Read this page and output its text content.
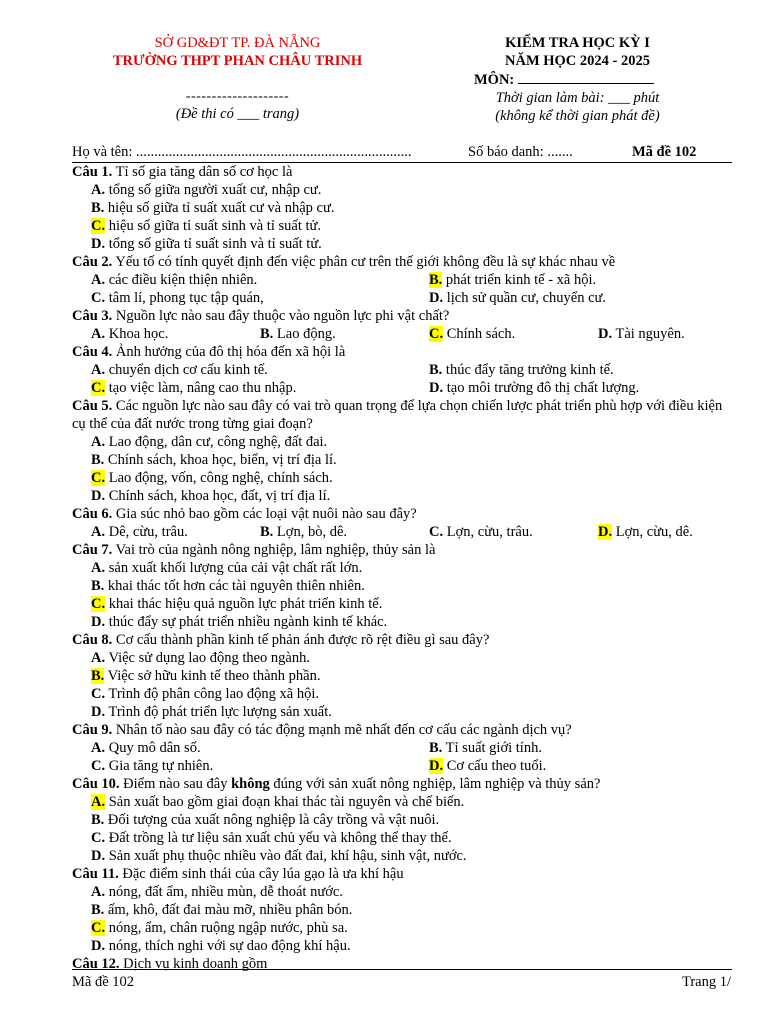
SỞ GD&ĐT TP. ĐÀ NẴNG
TRƯỜNG THPT PHAN CHÂU TRINH
--------------------
(Đề thi có ___ trang)
KIẾM TRA HỌC KỲ I
NĂM HỌC 2024 - 2025
MÔN:
Thời gian làm bài: ___ phút
(không kể thời gian phát đề)
Họ và tên: ............................................................................	Số báo danh: .......	Mã đề 102
Câu 1. Tỉ số gia tăng dân số cơ học là
A. tổng số giữa người xuất cư, nhập cư.
B. hiệu số giữa tỉ suất xuất cư và nhập cư.
C. hiệu số giữa tỉ suất sinh và tỉ suất tử.
D. tổng số giữa tỉ suất sinh và tỉ suất tử.
Câu 2. Yếu tố có tính quyết định đến việc phân cư trên thế giới không đều là sự khác nhau về
A. các điều kiện thiện nhiên.	B. phát triển kinh tế - xã hội.
C. tâm lí, phong tục tập quán,	D. lịch sử quần cư, chuyển cư.
Câu 3. Nguồn lực nào sau đây thuộc vào nguồn lực phi vật chất?
A. Khoa học.	B. Lao động.	C. Chính sách.	D. Tài nguyên.
Câu 4. Ảnh hưởng của đô thị hóa đến xã hội là
A. chuyển dịch cơ cấu kinh tế.	B. thúc đẩy tăng trưởng kinh tế.
C. tạo việc làm, nâng cao thu nhập.	D. tạo môi trường đô thị chất lượng.
Câu 5. Các nguồn lực nào sau đây có vai trò quan trọng để lựa chọn chiến lược phát triển phù hợp với điều kiện cụ thể của đất nước trong từng giai đoạn?
A. Lao động, dân cư, công nghệ, đất đai.
B. Chính sách, khoa học, biển, vị trí địa lí.
C. Lao động, vốn, công nghệ, chính sách.
D. Chính sách, khoa học, đất, vị trí địa lí.
Câu 6. Gia súc nhỏ bao gồm các loại vật nuôi nào sau đây?
A. Dê, cừu, trâu.	B. Lợn, bò, dê.	C. Lợn, cừu, trâu.	D. Lợn, cừu, dê.
Câu 7. Vai trò của ngành nông nghiệp, lâm nghiệp, thủy sản là
A. sản xuất khối lượng của cải vật chất rất lớn.
B. khai thác tốt hơn các tài nguyên thiên nhiên.
C. khai thác hiệu quả nguồn lực phát triển kinh tế.
D. thúc đẩy sự phát triển nhiều ngành kinh tế khác.
Câu 8. Cơ cấu thành phần kinh tế phản ánh được rõ rệt điều gì sau đây?
A. Việc sử dụng lao động theo ngành.
B. Việc sở hữu kinh tế theo thành phần.
C. Trình độ phân công lao động xã hội.
D. Trình độ phát triển lực lượng sản xuất.
Câu 9. Nhân tố nào sau đây có tác động mạnh mẽ nhất đến cơ cấu các ngành dịch vụ?
A. Quy mô dân số.	B. Tỉ suất giới tính.
C. Gia tăng tự nhiên.	D. Cơ cấu theo tuổi.
Câu 10. Điểm nào sau đây không đúng với sản xuất nông nghiệp, lâm nghiệp và thủy sản?
A. Sản xuất bao gồm giai đoạn khai thác tài nguyên và chế biến.
B. Đối tượng của xuất nông nghiệp là cây trồng và vật nuôi.
C. Đất trồng là tư liệu sản xuất chủ yếu và không thể thay thế.
D. Sản xuất phụ thuộc nhiều vào đất đai, khí hậu, sinh vật, nước.
Câu 11. Đặc điểm sinh thái của cây lúa gạo là ưa khí hậu
A. nóng, đất ẩm, nhiều mùn, dễ thoát nước.
B. ấm, khô, đất đai màu mỡ, nhiều phân bón.
C. nóng, ẩm, chân ruộng ngập nước, phù sa.
D. nóng, thích nghi với sự dao động khí hậu.
Câu 12. Dịch vụ kinh doanh gồm
Mã đề 102	Trang 1/
